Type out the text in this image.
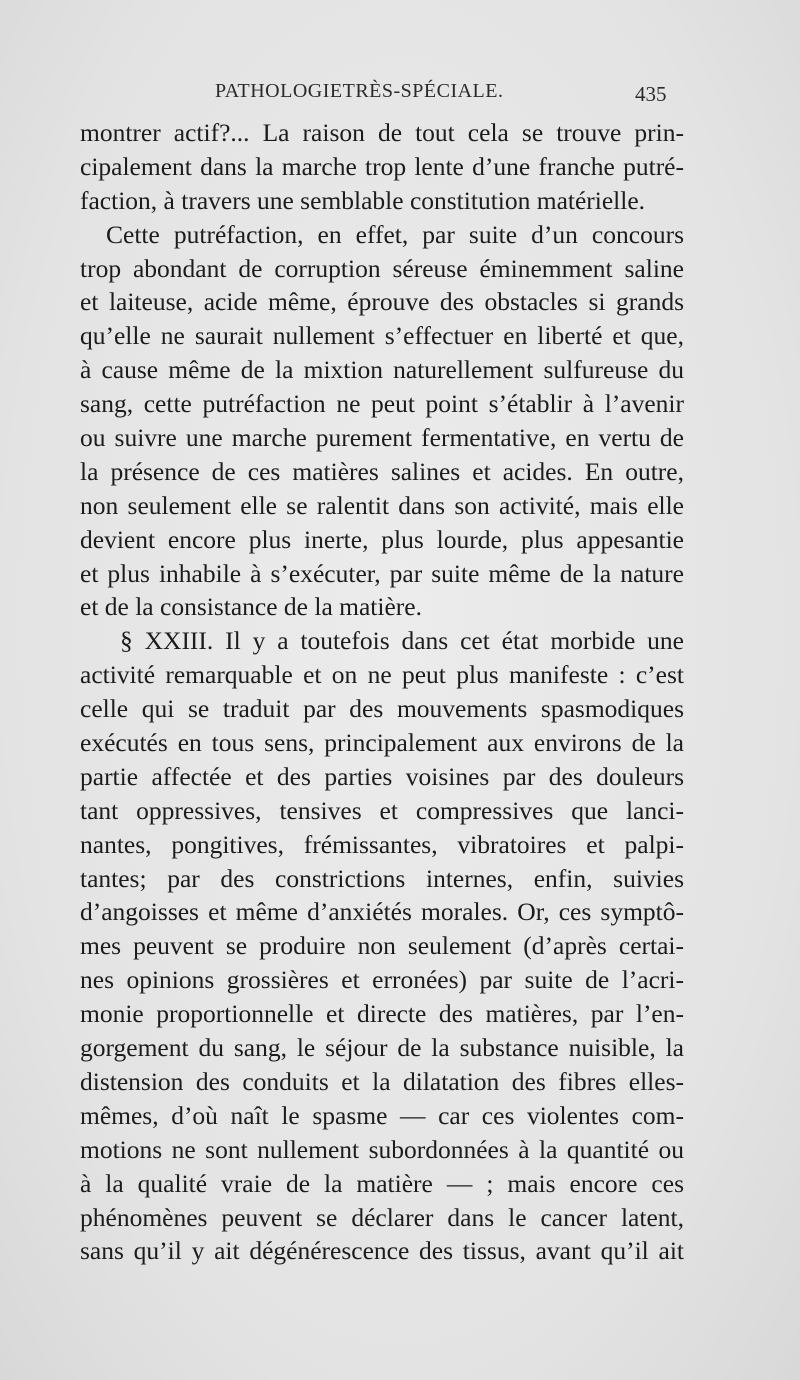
PATHOLOGIETRÈS-SPÉCIALE.	435
montrer actif?... La raison de tout cela se trouve prin-
cipalement dans la marche trop lente d’une franche putré-
faction, à travers une semblable constitution matérielle.
Cette putréfaction, en effet, par suite d’un concours
trop abondant de corruption séreuse éminemment saline
et laiteuse, acide même, éprouve des obstacles si grands
qu’elle ne saurait nullement s’effectuer en liberté et que,
à cause même de la mixtion naturellement sulfureuse du
sang, cette putréfaction ne peut point s’établir à l’avenir
ou suivre une marche purement fermentative, en vertu de
la présence de ces matières salines et acides. En outre,
non seulement elle se ralentit dans son activité, mais elle
devient encore plus inerte, plus lourde, plus appesantie
et plus inhabile à s’exécuter, par suite même de la nature
et de la consistance de la matière.
§ XXIII. Il y a toutefois dans cet état morbide une
activité remarquable et on ne peut plus manifeste : c’est
celle qui se traduit par des mouvements spasmodiques
exécutés en tous sens, principalement aux environs de la
partie affectée et des parties voisines par des douleurs
tant oppressives, tensives et compressives que lanci-
nantes, pongitives, frémissantes, vibratoires et palpi-
tantes; par des constrictions internes, enfin, suivies
d’angoisses et même d’anxiétés morales. Or, ces symptô-
mes peuvent se produire non seulement (d’après certai-
nes opinions grossières et erronées) par suite de l’acri-
monie proportionnelle et directe des matières, par l’en-
gorgement du sang, le séjour de la substance nuisible, la
distension des conduits et la dilatation des fibres elles-
mêmes, d’où naît le spasme — car ces violentes com-
motions ne sont nullement subordonnées à la quantité ou
à la qualité vraie de la matière — ; mais encore ces
phénomènes peuvent se déclarer dans le cancer latent,
sans qu’il y ait dégénérescence des tissus, avant qu’il ait
